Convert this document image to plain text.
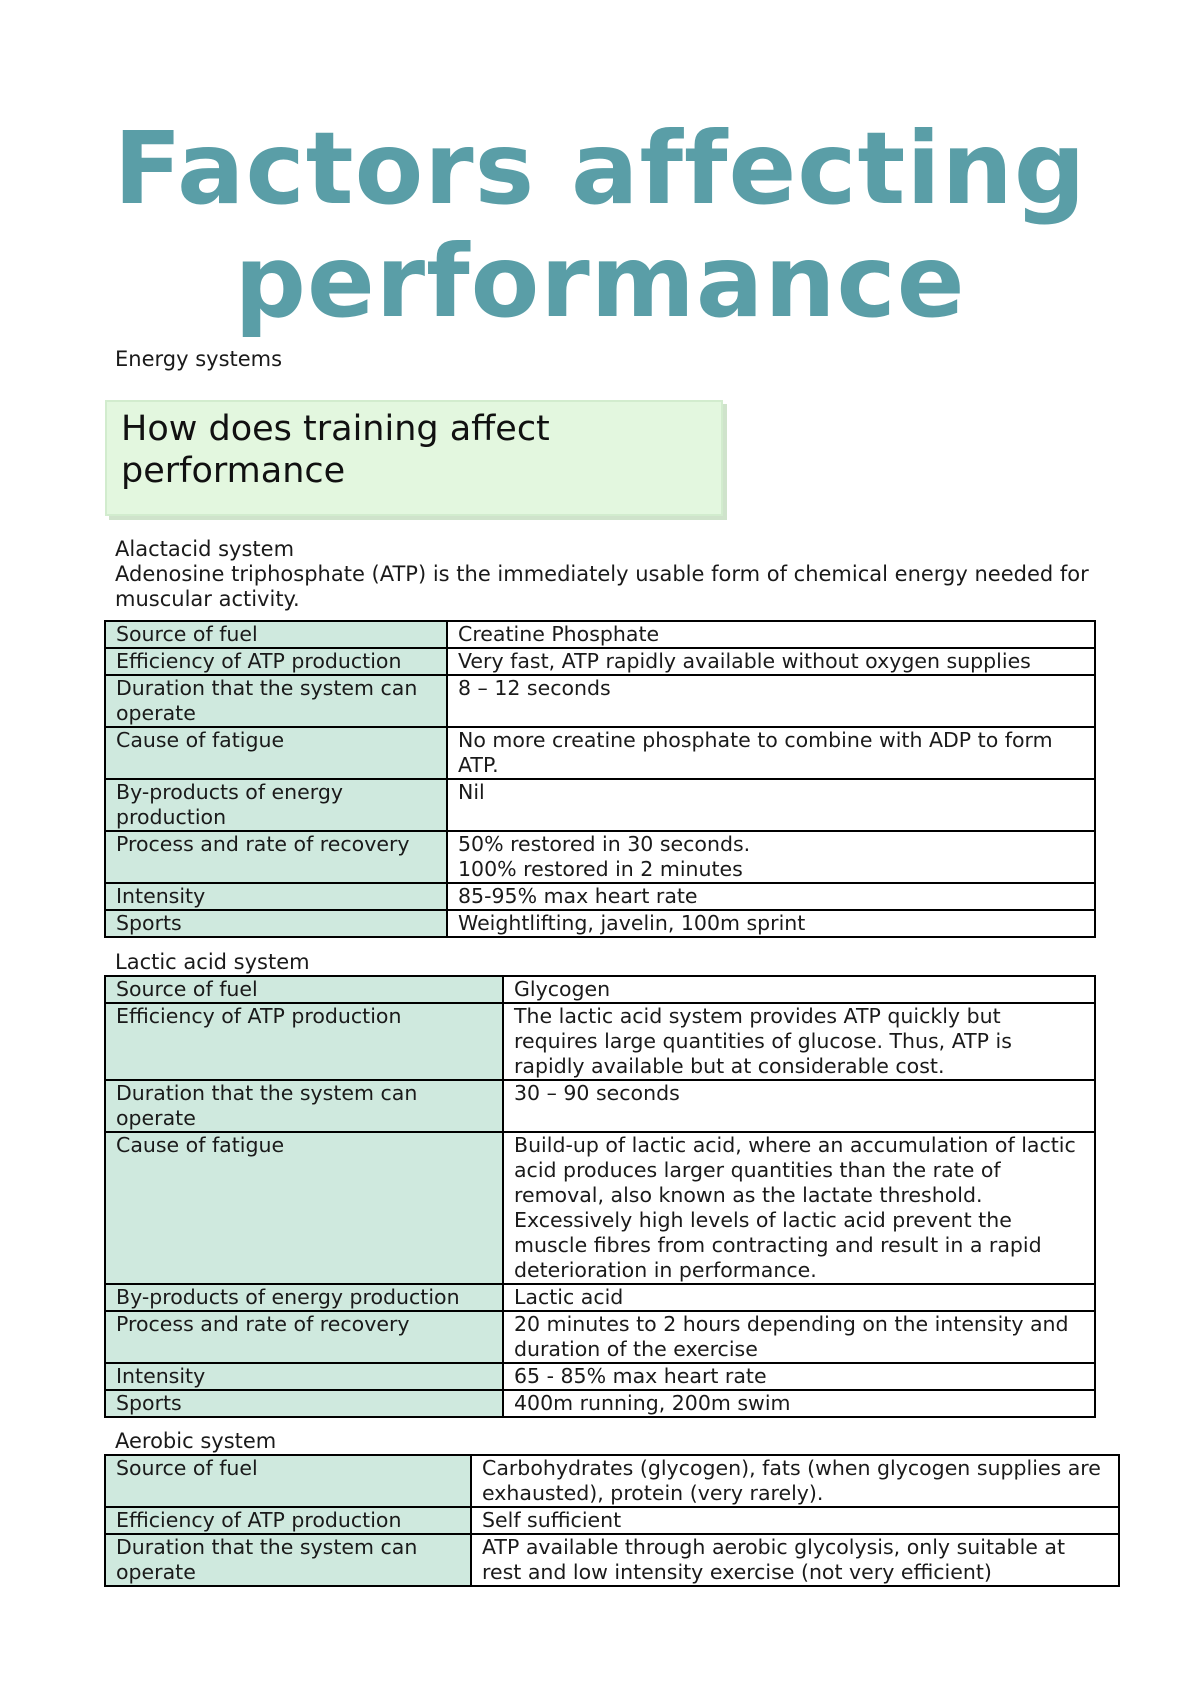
Factors affecting performance
Energy systems
How does training affect performance
Alactacid system
Adenosine triphosphate (ATP) is the immediately usable form of chemical energy needed for muscular activity.
Source of fuel	Creatine Phosphate

Efficiency of ATP production	Very fast, ATP rapidly available without oxygen supplies

Duration that the system can operate	8 – 12 seconds

Cause of fatigue	No more creatine phosphate to combine with ADP to form ATP.

By-products of energy production	Nil

Process and rate of recovery	50% restored in 30 seconds.
100% restored in 2 minutes

Intensity	85-95% max heart rate

Sports	Weightlifting, javelin, 100m sprint
Lactic acid system
Source of fuel	Glycogen

Efficiency of ATP production	The lactic acid system provides ATP quickly but requires large quantities of glucose. Thus, ATP is rapidly available but at considerable cost.

Duration that the system can operate	30 – 90 seconds

Cause of fatigue	Build-up of lactic acid, where an accumulation of lactic acid produces larger quantities than the rate of removal, also known as the lactate threshold. Excessively high levels of lactic acid prevent the muscle fibres from contracting and result in a rapid deterioration in performance.

By-products of energy production	Lactic acid

Process and rate of recovery	20 minutes to 2 hours depending on the intensity and duration of the exercise

Intensity	65 - 85% max heart rate

Sports	400m running, 200m swim
Aerobic system
Source of fuel	Carbohydrates (glycogen), fats (when glycogen supplies are exhausted), protein (very rarely).

Efficiency of ATP production	Self sufficient

Duration that the system can operate	ATP available through aerobic glycolysis, only suitable at rest and low intensity exercise (not very efficient)
